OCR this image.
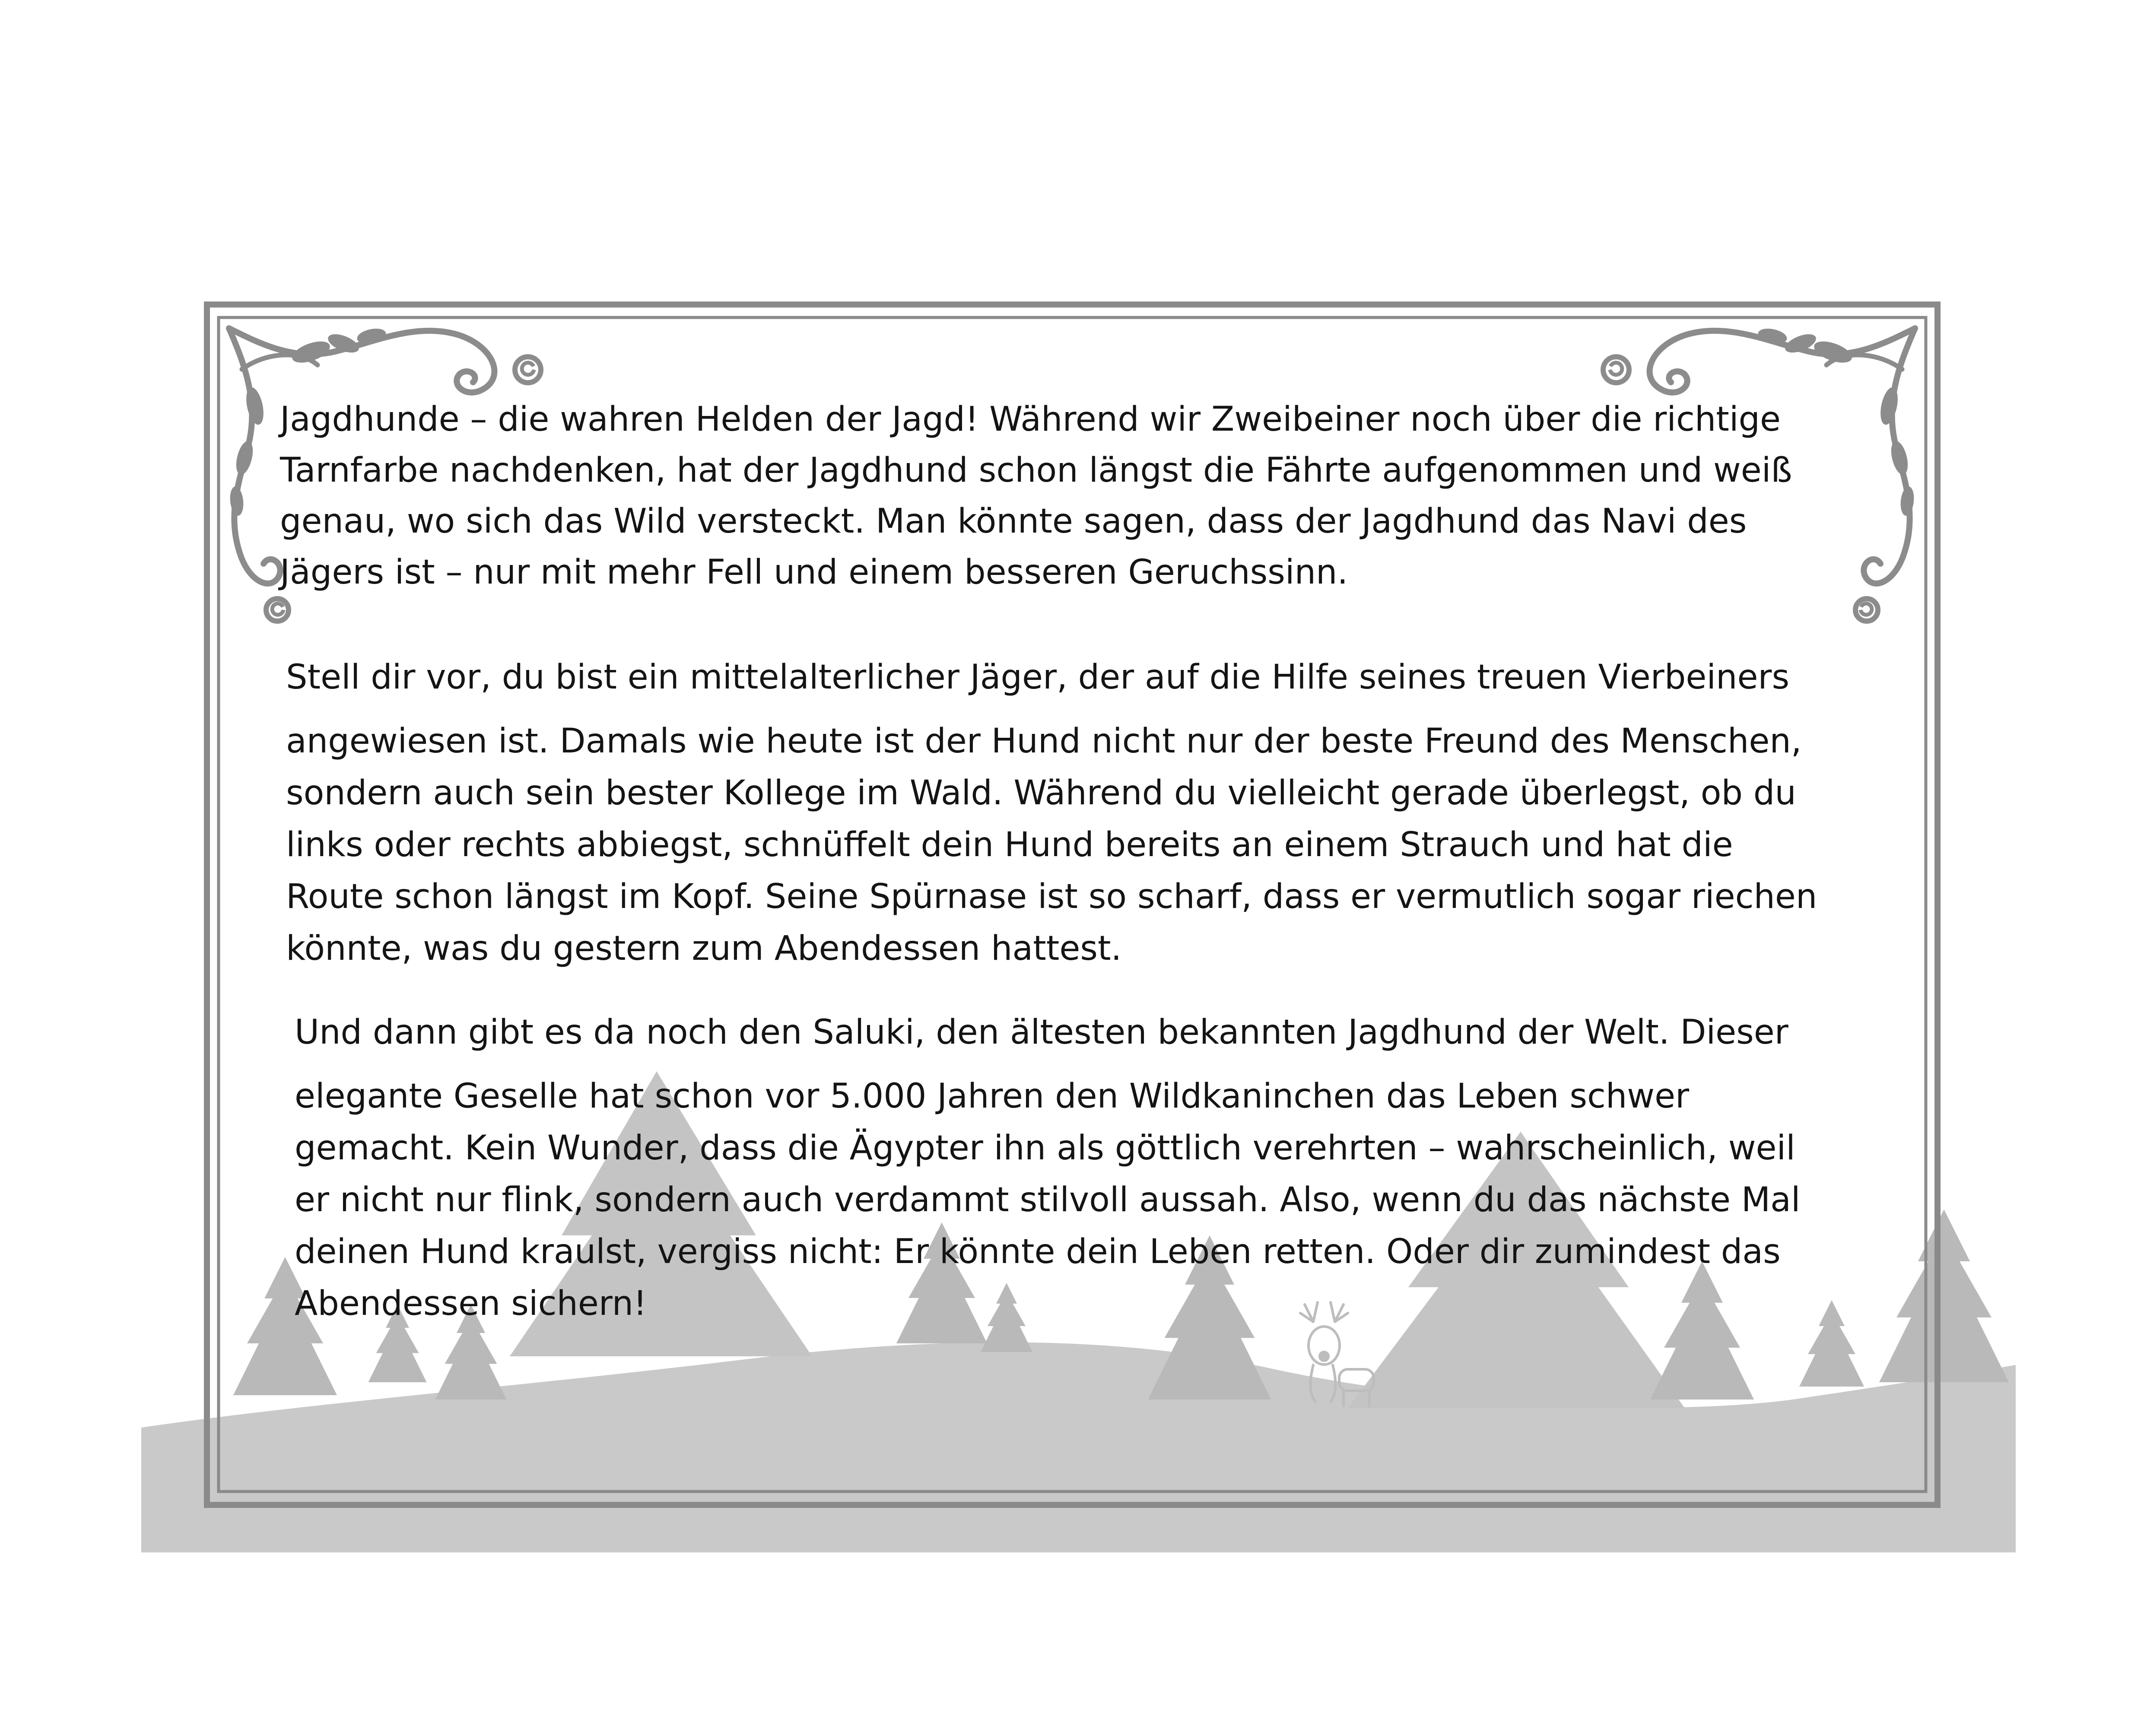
Jagdhunde – die wahren Helden der Jagd! Während wir Zweibeiner noch über die richtige
Tarnfarbe nachdenken, hat der Jagdhund schon längst die Fährte aufgenommen und weiß
genau, wo sich das Wild versteckt. Man könnte sagen, dass der Jagdhund das Navi des
Jägers ist – nur mit mehr Fell und einem besseren Geruchssinn.
Stell dir vor, du bist ein mittelalterlicher Jäger, der auf die Hilfe seines treuen Vierbeiners
angewiesen ist. Damals wie heute ist der Hund nicht nur der beste Freund des Menschen,
sondern auch sein bester Kollege im Wald. Während du vielleicht gerade überlegst, ob du
links oder rechts abbiegst, schnüffelt dein Hund bereits an einem Strauch und hat die
Route schon längst im Kopf. Seine Spürnase ist so scharf, dass er vermutlich sogar riechen
könnte, was du gestern zum Abendessen hattest.
Und dann gibt es da noch den Saluki, den ältesten bekannten Jagdhund der Welt. Dieser
elegante Geselle hat schon vor 5.000 Jahren den Wildkaninchen das Leben schwer
gemacht. Kein Wunder, dass die Ägypter ihn als göttlich verehrten – wahrscheinlich, weil
er nicht nur flink, sondern auch verdammt stilvoll aussah. Also, wenn du das nächste Mal
deinen Hund kraulst, vergiss nicht: Er könnte dein Leben retten. Oder dir zumindest das
Abendessen sichern!
